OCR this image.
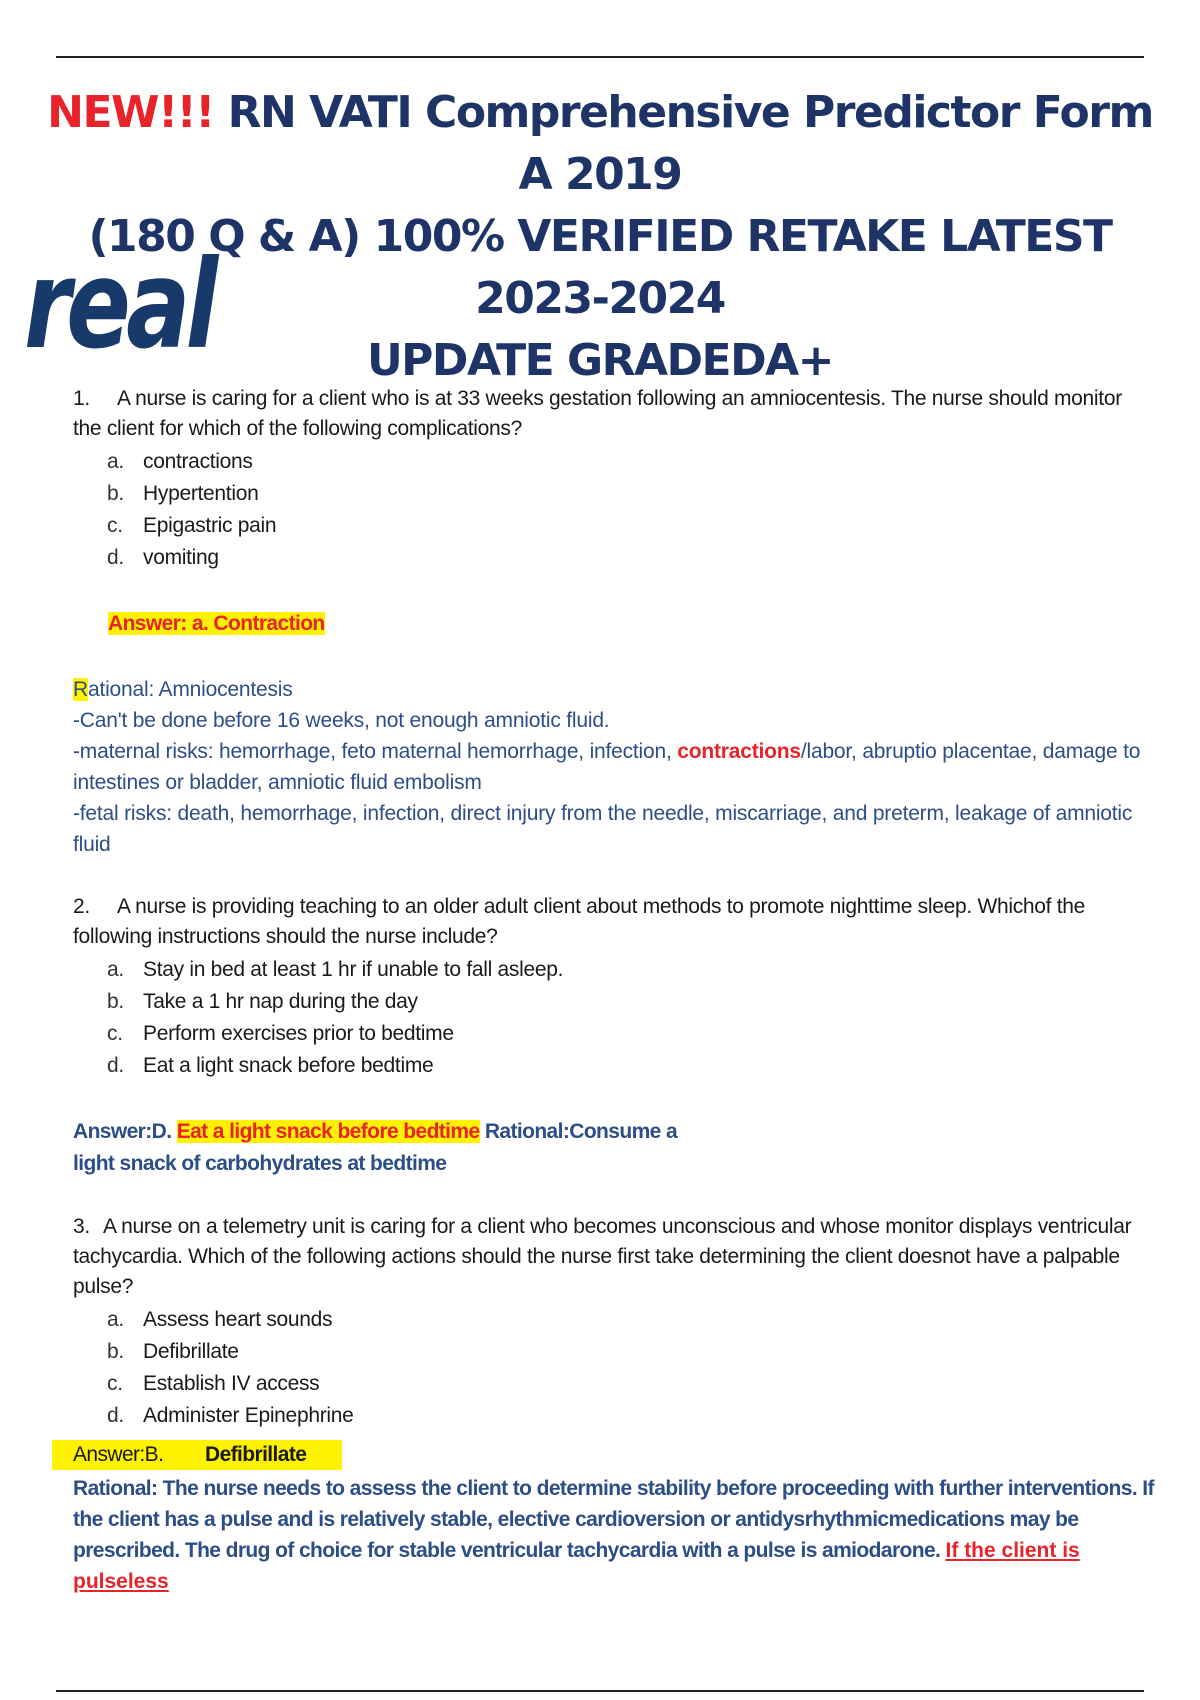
NEW!!! RN VATI Comprehensive Predictor Form A 2019
(180 Q & A) 100% VERIFIED RETAKE LATEST 2023-2024
UPDATE GRADEDA+
real
1. A nurse is caring for a client who is at 33 weeks gestation following an amniocentesis. The nurse should monitor the client for which of the following complications?
a. contractions
b. Hypertention
c. Epigastric pain
d. vomiting
Answer: a. Contraction
Rational: Amniocentesis
-Can't be done before 16 weeks, not enough amniotic fluid.
-maternal risks: hemorrhage, feto maternal hemorrhage, infection, contractions/labor, abruptio placentae, damage to intestines or bladder, amniotic fluid embolism
-fetal risks: death, hemorrhage, infection, direct injury from the needle, miscarriage, and preterm, leakage of amniotic fluid
2. A nurse is providing teaching to an older adult client about methods to promote nighttime sleep. Whichof the following instructions should the nurse include?
a. Stay in bed at least 1 hr if unable to fall asleep.
b. Take a 1 hr nap during the day
c. Perform exercises prior to bedtime
d. Eat a light snack before bedtime
Answer:D. Eat a light snack before bedtime Rational:Consume a
light snack of carbohydrates at bedtime
3. A nurse on a telemetry unit is caring for a client who becomes unconscious and whose monitor displays ventricular tachycardia. Which of the following actions should the nurse first take determining the client doesnot have a palpable pulse?
a. Assess heart sounds
b. Defibrillate
c. Establish IV access
d. Administer Epinephrine
Answer:B. Defibrillate
Rational: The nurse needs to assess the client to determine stability before proceeding with further interventions. If the client has a pulse and is relatively stable, elective cardioversion or antidysrhythmicmedications may be prescribed. The drug of choice for stable ventricular tachycardia with a pulse is amiodarone. If the client is pulseless
